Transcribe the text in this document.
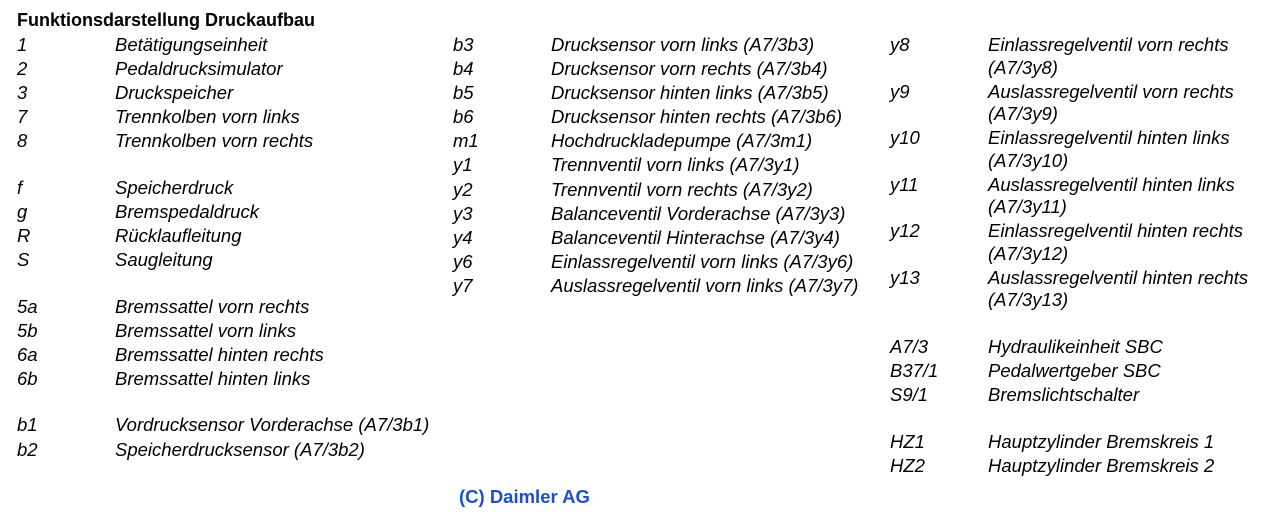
Funktionsdarstellung Druckaufbau
1	Betätigungseinheit
2	Pedaldrucksimulator
3	Druckspeicher
7	Trennkolben vorn links
8	Trennkolben vorn rechts
f	Speicherdruck
g	Bremspedaldruck
R	Rücklaufleitung
S	Saugleitung
5a	Bremssattel vorn rechts
5b	Bremssattel vorn links
6a	Bremssattel hinten rechts
6b	Bremssattel hinten links
b1	Vordrucksensor Vorderachse (A7/3b1)
b2	Speicherdrucksensor (A7/3b2)
b3	Drucksensor vorn links (A7/3b3)
b4	Drucksensor vorn rechts (A7/3b4)
b5	Drucksensor hinten links (A7/3b5)
b6	Drucksensor hinten rechts (A7/3b6)
m1	Hochdruckladepumpe (A7/3m1)
y1	Trennventil vorn links (A7/3y1)
y2	Trennventil vorn rechts (A7/3y2)
y3	Balanceventil Vorderachse (A7/3y3)
y4	Balanceventil Hinterachse (A7/3y4)
y6	Einlassregelventil vorn links (A7/3y6)
y7	Auslassregelventil vorn links (A7/3y7)
y8	Einlassregelventil vorn rechts (A7/3y8)
y9	Auslassregelventil vorn rechts (A7/3y9)
y10	Einlassregelventil hinten links (A7/3y10)
y11	Auslassregelventil hinten links (A7/3y11)
y12	Einlassregelventil hinten rechts (A7/3y12)
y13	Auslassregelventil hinten rechts (A7/3y13)
A7/3	Hydraulikeinheit SBC
B37/1	Pedalwertgeber SBC
S9/1	Bremslichtschalter
HZ1	Hauptzylinder Bremskreis 1
HZ2	Hauptzylinder Bremskreis 2
(C) Daimler AG
